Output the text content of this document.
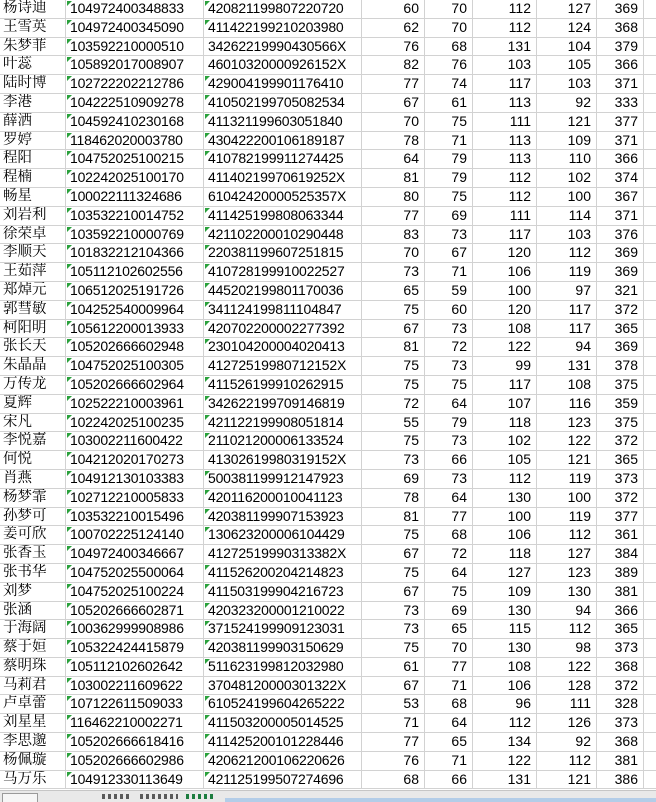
杨诗迪	104972400348833	420821199807220720	60	70	112	127	369
王雪英	104972400345090	411422199210203980	62	70	112	124	368
朱梦菲	103592210000510	34262219990430566X	76	68	131	104	379
叶蕊	105892017008907	46010320000926152X	82	76	103	105	366
陆时博	102722202212786	429004199901176410	77	74	117	103	371
李港	104222510909278	410502199705082534	67	61	113	92	333
薛洒	104592410230168	411321199603051840	70	75	111	121	377
罗婷	118462020003780	430422200106189187	78	71	113	109	371
程阳	104752025100215	410782199911274425	64	79	113	110	366
程楠	102242025100170	41140219970619252X	81	79	112	102	374
畅星	100022111324686	61042420000525357X	80	75	112	100	367
刘岩利	103532210014752	411425199808063344	77	69	111	114	371
徐荣卓	103592210000769	421102200010290448	83	73	117	103	376
李顺天	101832212104366	220381199607251815	70	67	120	112	369
王茹萍	105112102602556	410728199910022527	73	71	106	119	369
郑焯元	106512025191726	445202199801170036	65	59	100	97	321
郭彗敏	104252540009964	341124199811104847	75	60	120	117	372
柯阳明	105612200013933	420702200002277392	67	73	108	117	365
张长天	105202666602948	230104200004020413	81	72	122	94	369
朱晶晶	104752025100305	41272519980712152X	75	73	99	131	378
万传龙	105202666602964	411526199910262915	75	75	117	108	375
夏辉	102522210003961	342622199709146819	72	64	107	116	359
宋凡	102242025100235	421122199908051814	55	79	118	123	375
李悦嘉	103002211600422	211021200006133524	75	73	102	122	372
何悦	104212020170273	41302619980319152X	73	66	105	121	365
肖燕	104912130103383	500381199912147923	69	73	112	119	373
杨梦霏	102712210005833	420116200010041123	78	64	130	100	372
孙梦可	103532210015496	420381199907153923	81	77	100	119	377
姜可欣	100702225124140	130623200006104429	75	68	106	112	361
张香玉	104972400346667	41272519990313382X	67	72	118	127	384
张书华	104752025500064	411526200204214823	75	64	127	123	389
刘梦	104752025100224	411503199904216723	67	75	109	130	381
张涵	105202666602871	420323200001210022	73	69	130	94	366
于海阔	100362999908986	371524199909123031	73	65	115	112	365
蔡于姮	105322424415879	420381199903150629	75	70	130	98	373
蔡明珠	105112102602642	511623199812032980	61	77	108	122	368
马莉君	103002211609622	37048120000301322X	67	71	106	128	372
卢卓蕾	107122611509033	610524199604265222	53	68	96	111	328
刘星星	116462210002271	411503200005014525	71	64	112	126	373
李思邈	105202666618416	411425200101228446	77	65	134	92	368
杨佩璇	105202666602986	420621200106220626	76	71	122	112	381
马万乐	104912330113649	421125199507274696	68	66	131	121	386
